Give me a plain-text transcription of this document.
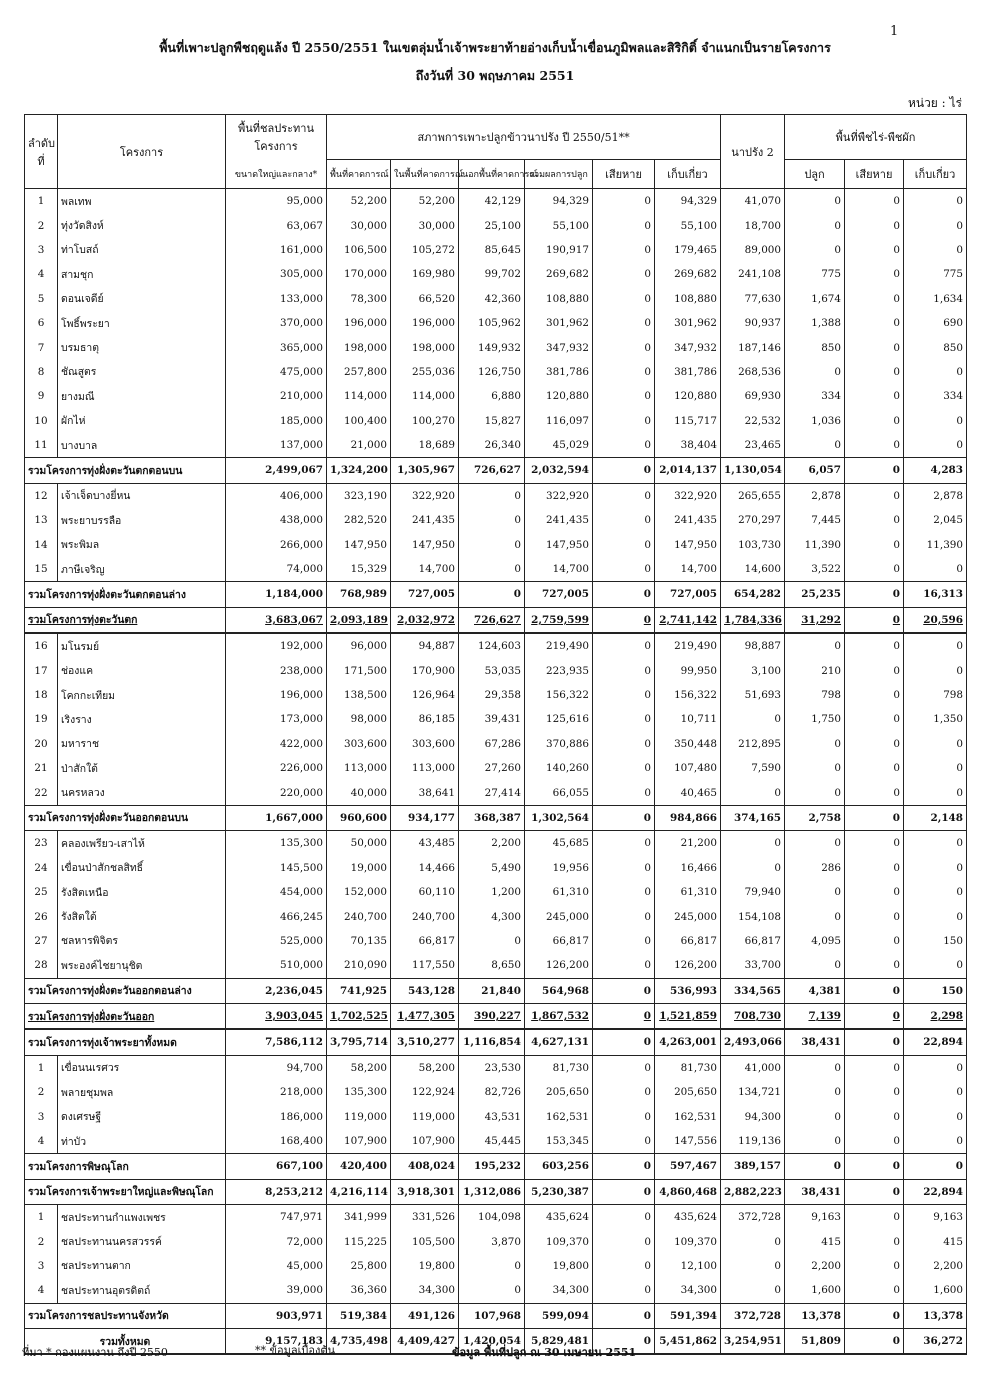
1
พื้นที่เพาะปลูกพืชฤดูแล้ง ปี 2550/2551 ในเขตลุ่มน้ำเจ้าพระยาท้ายอ่างเก็บน้ำเขื่อนภูมิพลและสิริกิติ์ จำแนกเป็นรายโครงการ
ถึงวันที่ 30 พฤษภาคม 2551
หน่วย : ไร่
ลำดับ ที่	โครงการ	พื้นที่ชลประทาน โครงการ	สภาพการเพาะปลูกข้าวนาปรัง ปี 2550/51**						นาปรัง 2	พื้นที่พืชไร่-พืชผัก		
		ขนาดใหญ่และกลาง*	พื้นที่คาดการณ์	ในพื้นที่คาดการณ์	นอกพื้นที่คาดการณ์	รวมผลการปลูก	เสียหาย	เก็บเกี่ยว		ปลูก	เสียหาย	เก็บเกี่ยว
1	พลเทพ	95,000	52,200	52,200	42,129	94,329	0	94,329	41,070	0	0	0
2	ทุ่งวัดสิงห์	63,067	30,000	30,000	25,100	55,100	0	55,100	18,700	0	0	0
3	ท่าโบสถ์	161,000	106,500	105,272	85,645	190,917	0	179,465	89,000	0	0	0
4	สามชุก	305,000	170,000	169,980	99,702	269,682	0	269,682	241,108	775	0	775
5	ดอนเจดีย์	133,000	78,300	66,520	42,360	108,880	0	108,880	77,630	1,674	0	1,634
6	โพธิ์พระยา	370,000	196,000	196,000	105,962	301,962	0	301,962	90,937	1,388	0	690
7	บรมธาตุ	365,000	198,000	198,000	149,932	347,932	0	347,932	187,146	850	0	850
8	ชัณสูตร	475,000	257,800	255,036	126,750	381,786	0	381,786	268,536	0	0	0
9	ยางมณี	210,000	114,000	114,000	6,880	120,880	0	120,880	69,930	334	0	334
10	ผักไห่	185,000	100,400	100,270	15,827	116,097	0	115,717	22,532	1,036	0	0
11	บางบาล	137,000	21,000	18,689	26,340	45,029	0	38,404	23,465	0	0	0
รวมโครงการทุ่งฝั่งตะวันตกตอนบน		2,499,067	1,324,200	1,305,967	726,627	2,032,594	0	2,014,137	1,130,054	6,057	0	4,283
12	เจ้าเจ็ดบางยี่หน	406,000	323,190	322,920	0	322,920	0	322,920	265,655	2,878	0	2,878
13	พระยาบรรลือ	438,000	282,520	241,435	0	241,435	0	241,435	270,297	7,445	0	2,045
14	พระพิมล	266,000	147,950	147,950	0	147,950	0	147,950	103,730	11,390	0	11,390
15	ภาษีเจริญ	74,000	15,329	14,700	0	14,700	0	14,700	14,600	3,522	0	0
รวมโครงการทุ่งฝั่งตะวันตกตอนล่าง		1,184,000	768,989	727,005	0	727,005	0	727,005	654,282	25,235	0	16,313
รวมโครงการทุ่งตะวันตก		3,683,067	2,093,189	2,032,972	726,627	2,759,599	0	2,741,142	1,784,336	31,292	0	20,596
16	มโนรมย์	192,000	96,000	94,887	124,603	219,490	0	219,490	98,887	0	0	0
17	ช่องแค	238,000	171,500	170,900	53,035	223,935	0	99,950	3,100	210	0	0
18	โคกกะเทียม	196,000	138,500	126,964	29,358	156,322	0	156,322	51,693	798	0	798
19	เริงราง	173,000	98,000	86,185	39,431	125,616	0	10,711	0	1,750	0	1,350
20	มหาราช	422,000	303,600	303,600	67,286	370,886	0	350,448	212,895	0	0	0
21	ป่าสักใต้	226,000	113,000	113,000	27,260	140,260	0	107,480	7,590	0	0	0
22	นครหลวง	220,000	40,000	38,641	27,414	66,055	0	40,465	0	0	0	0
รวมโครงการทุ่งฝั่งตะวันออกตอนบน		1,667,000	960,600	934,177	368,387	1,302,564	0	984,866	374,165	2,758	0	2,148
23	คลองเพรียว-เสาไห้	135,300	50,000	43,485	2,200	45,685	0	21,200	0	0	0	0
24	เขื่อนป่าสักชลสิทธิ์	145,500	19,000	14,466	5,490	19,956	0	16,466	0	286	0	0
25	รังสิตเหนือ	454,000	152,000	60,110	1,200	61,310	0	61,310	79,940	0	0	0
26	รังสิตใต้	466,245	240,700	240,700	4,300	245,000	0	245,000	154,108	0	0	0
27	ชลหารพิจิตร	525,000	70,135	66,817	0	66,817	0	66,817	66,817	4,095	0	150
28	พระองค์ไชยานุชิต	510,000	210,090	117,550	8,650	126,200	0	126,200	33,700	0	0	0
รวมโครงการทุ่งฝั่งตะวันออกตอนล่าง		2,236,045	741,925	543,128	21,840	564,968	0	536,993	334,565	4,381	0	150
รวมโครงการทุ่งฝั่งตะวันออก		3,903,045	1,702,525	1,477,305	390,227	1,867,532	0	1,521,859	708,730	7,139	0	2,298
รวมโครงการทุ่งเจ้าพระยาทั้งหมด		7,586,112	3,795,714	3,510,277	1,116,854	4,627,131	0	4,263,001	2,493,066	38,431	0	22,894
1	เขื่อนนเรศวร	94,700	58,200	58,200	23,530	81,730	0	81,730	41,000	0	0	0
2	พลายชุมพล	218,000	135,300	122,924	82,726	205,650	0	205,650	134,721	0	0	0
3	ดงเศรษฐี	186,000	119,000	119,000	43,531	162,531	0	162,531	94,300	0	0	0
4	ท่าบัว	168,400	107,900	107,900	45,445	153,345	0	147,556	119,136	0	0	0
รวมโครงการพิษณุโลก		667,100	420,400	408,024	195,232	603,256	0	597,467	389,157	0	0	0
รวมโครงการเจ้าพระยาใหญ่และพิษณุโลก		8,253,212	4,216,114	3,918,301	1,312,086	5,230,387	0	4,860,468	2,882,223	38,431	0	22,894
1	ชลประทานกำแพงเพชร	747,971	341,999	331,526	104,098	435,624	0	435,624	372,728	9,163	0	9,163
2	ชลประทานนครสวรรค์	72,000	115,225	105,500	3,870	109,370	0	109,370	0	415	0	415
3	ชลประทานตาก	45,000	25,800	19,800	0	19,800	0	12,100	0	2,200	0	2,200
4	ชลประทานอุตรดิตถ์	39,000	36,360	34,300	0	34,300	0	34,300	0	1,600	0	1,600
รวมโครงการชลประทานจังหวัด		903,971	519,384	491,126	107,968	599,094	0	591,394	372,728	13,378	0	13,378
รวมทั้งหมด		9,157,183	4,735,498	4,409,427	1,420,054	5,829,481	0	5,451,862	3,254,951	51,809	0	36,272
ที่มา * กองแผนงาน ถึงปี 2550	** ข้อมูลเบื้องต้น	ข้อมูล พื้นที่ปลูก ณ 30 เมษายน 2551
